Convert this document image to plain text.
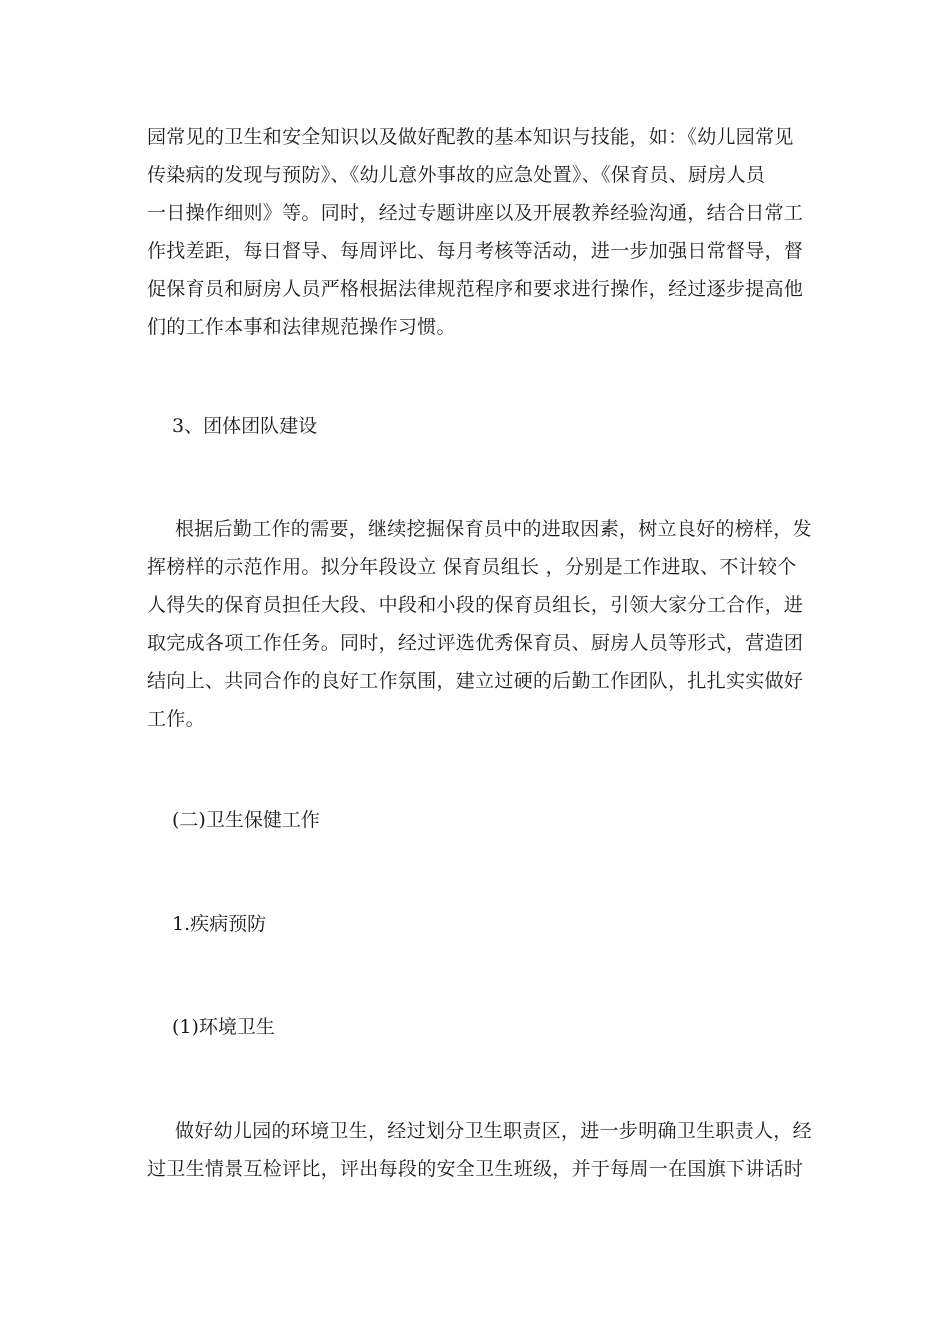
园常见的卫生和安全知识以及做好配教的基本知识与技能，如：《幼儿园常见
传染病的发现与预防》、《幼儿意外事故的应急处置》、《保育员、厨房人员
一日操作细则》等。同时，经过专题讲座以及开展教养经验沟通，结合日常工
作找差距，每日督导、每周评比、每月考核等活动，进一步加强日常督导，督
促保育员和厨房人员严格根据法律规范程序和要求进行操作，经过逐步提高他
们的工作本事和法律规范操作习惯。
3、团体团队建设
根据后勤工作的需要，继续挖掘保育员中的进取因素，树立良好的榜样，发
挥榜样的示范作用。拟分年段设立 保育员组长 ，分别是工作进取、不计较个
人得失的保育员担任大段、中段和小段的保育员组长，引领大家分工合作，进
取完成各项工作任务。同时，经过评选优秀保育员、厨房人员等形式，营造团
结向上、共同合作的良好工作氛围，建立过硬的后勤工作团队，扎扎实实做好
工作。
(二)卫生保健工作
1.疾病预防
(1)环境卫生
做好幼儿园的环境卫生，经过划分卫生职责区，进一步明确卫生职责人，经
过卫生情景互检评比，评出每段的安全卫生班级，并于每周一在国旗下讲话时
